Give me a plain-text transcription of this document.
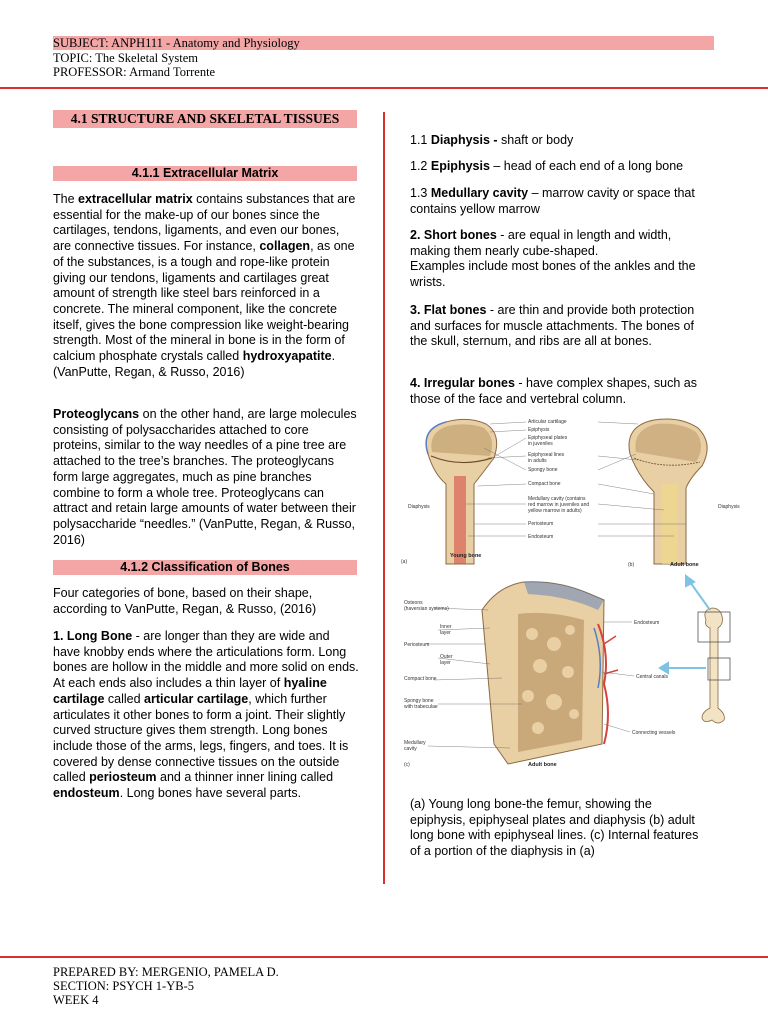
SUBJECT: ANPH111 - Anatomy and Physiology
TOPIC: The Skeletal System
PROFESSOR: Armand Torrente
4.1 STRUCTURE AND SKELETAL TISSUES
4.1.1 Extracellular Matrix

The extracellular matrix contains substances that are essential for the make-up of our bones since the cartilages, tendons, ligaments, and even our bones, are connective tissues. For instance, collagen, as one of the substances, is a tough and rope-like protein giving our tendons, ligaments and cartilages great amount of strength like steel bars reinforced in a concrete. The mineral component, like the concrete itself, gives the bone compression like weight-bearing strength. Most of the mineral in bone is in the form of calcium phosphate crystals called hydroxyapatite. (VanPutte, Regan, & Russo, 2016)

Proteoglycans on the other hand, are large molecules consisting of polysaccharides attached to core proteins, similar to the way needles of a pine tree are attached to the tree’s branches. The proteoglycans form large aggregates, much as pine branches combine to form a whole tree. Proteoglycans can attract and retain large amounts of water between their polysaccharide “needles.” (VanPutte, Regan, & Russo, 2016)

4.1.2 Classification of Bones

Four categories of bone, based on their shape, according to VanPutte, Regan, & Russo, (2016)

1. Long Bone - are longer than they are wide and have knobby ends where the articulations form. Long bones are hollow in the middle and more solid on ends. At each ends also includes a thin layer of hyaline cartilage called articular cartilage, which further articulates it other bones to form a joint. Their slightly curved structure gives them strength. Long bones include those of the arms, legs, fingers, and toes. It is covered by dense connective tissues on the outside called periosteum and a thinner inner lining called endosteum. Long bones have several parts.

1.1 Diaphysis - shaft or body

1.2 Epiphysis – head of each end of a long bone

1.3 Medullary cavity – marrow cavity or space that contains yellow marrow

2. Short bones - are equal in length and width, making them nearly cube-shaped.
Examples include most bones of the ankles and the wrists.

3. Flat bones - are thin and provide both protection and surfaces for muscle attachments. The bones of the skull, sternum, and ribs are all at bones.

4. Irregular bones - have complex shapes, such as those of the face and vertebral column.

Articular cartilage
Epiphysis
Epiphyseal plates
in juveniles
Epiphyseal lines
in adults
Spongy bone
Compact bone
Medullary cavity (contains
red marrow in juveniles and
yellow marrow in adults)
Periosteum
Endosteum
Diaphysis	Diaphysis
Young bone
Adult bone
(a)	(b)
Osteons
(haversian systems)
Inner
layer
Periosteum
Outer
layer
Compact bone
Spongy bone
with trabeculae
Medullary
cavity
Endosteum
Central canals
Connecting vessels
Adult bone
(c)

(a) Young long bone-the femur, showing the epiphysis, epiphyseal plates and diaphysis (b) adult long bone with epiphyseal lines. (c) Internal features of a portion of the diaphysis in (a)

PREPARED BY: MERGENIO, PAMELA D.
SECTION: PSYCH 1-YB-5
WEEK 4
